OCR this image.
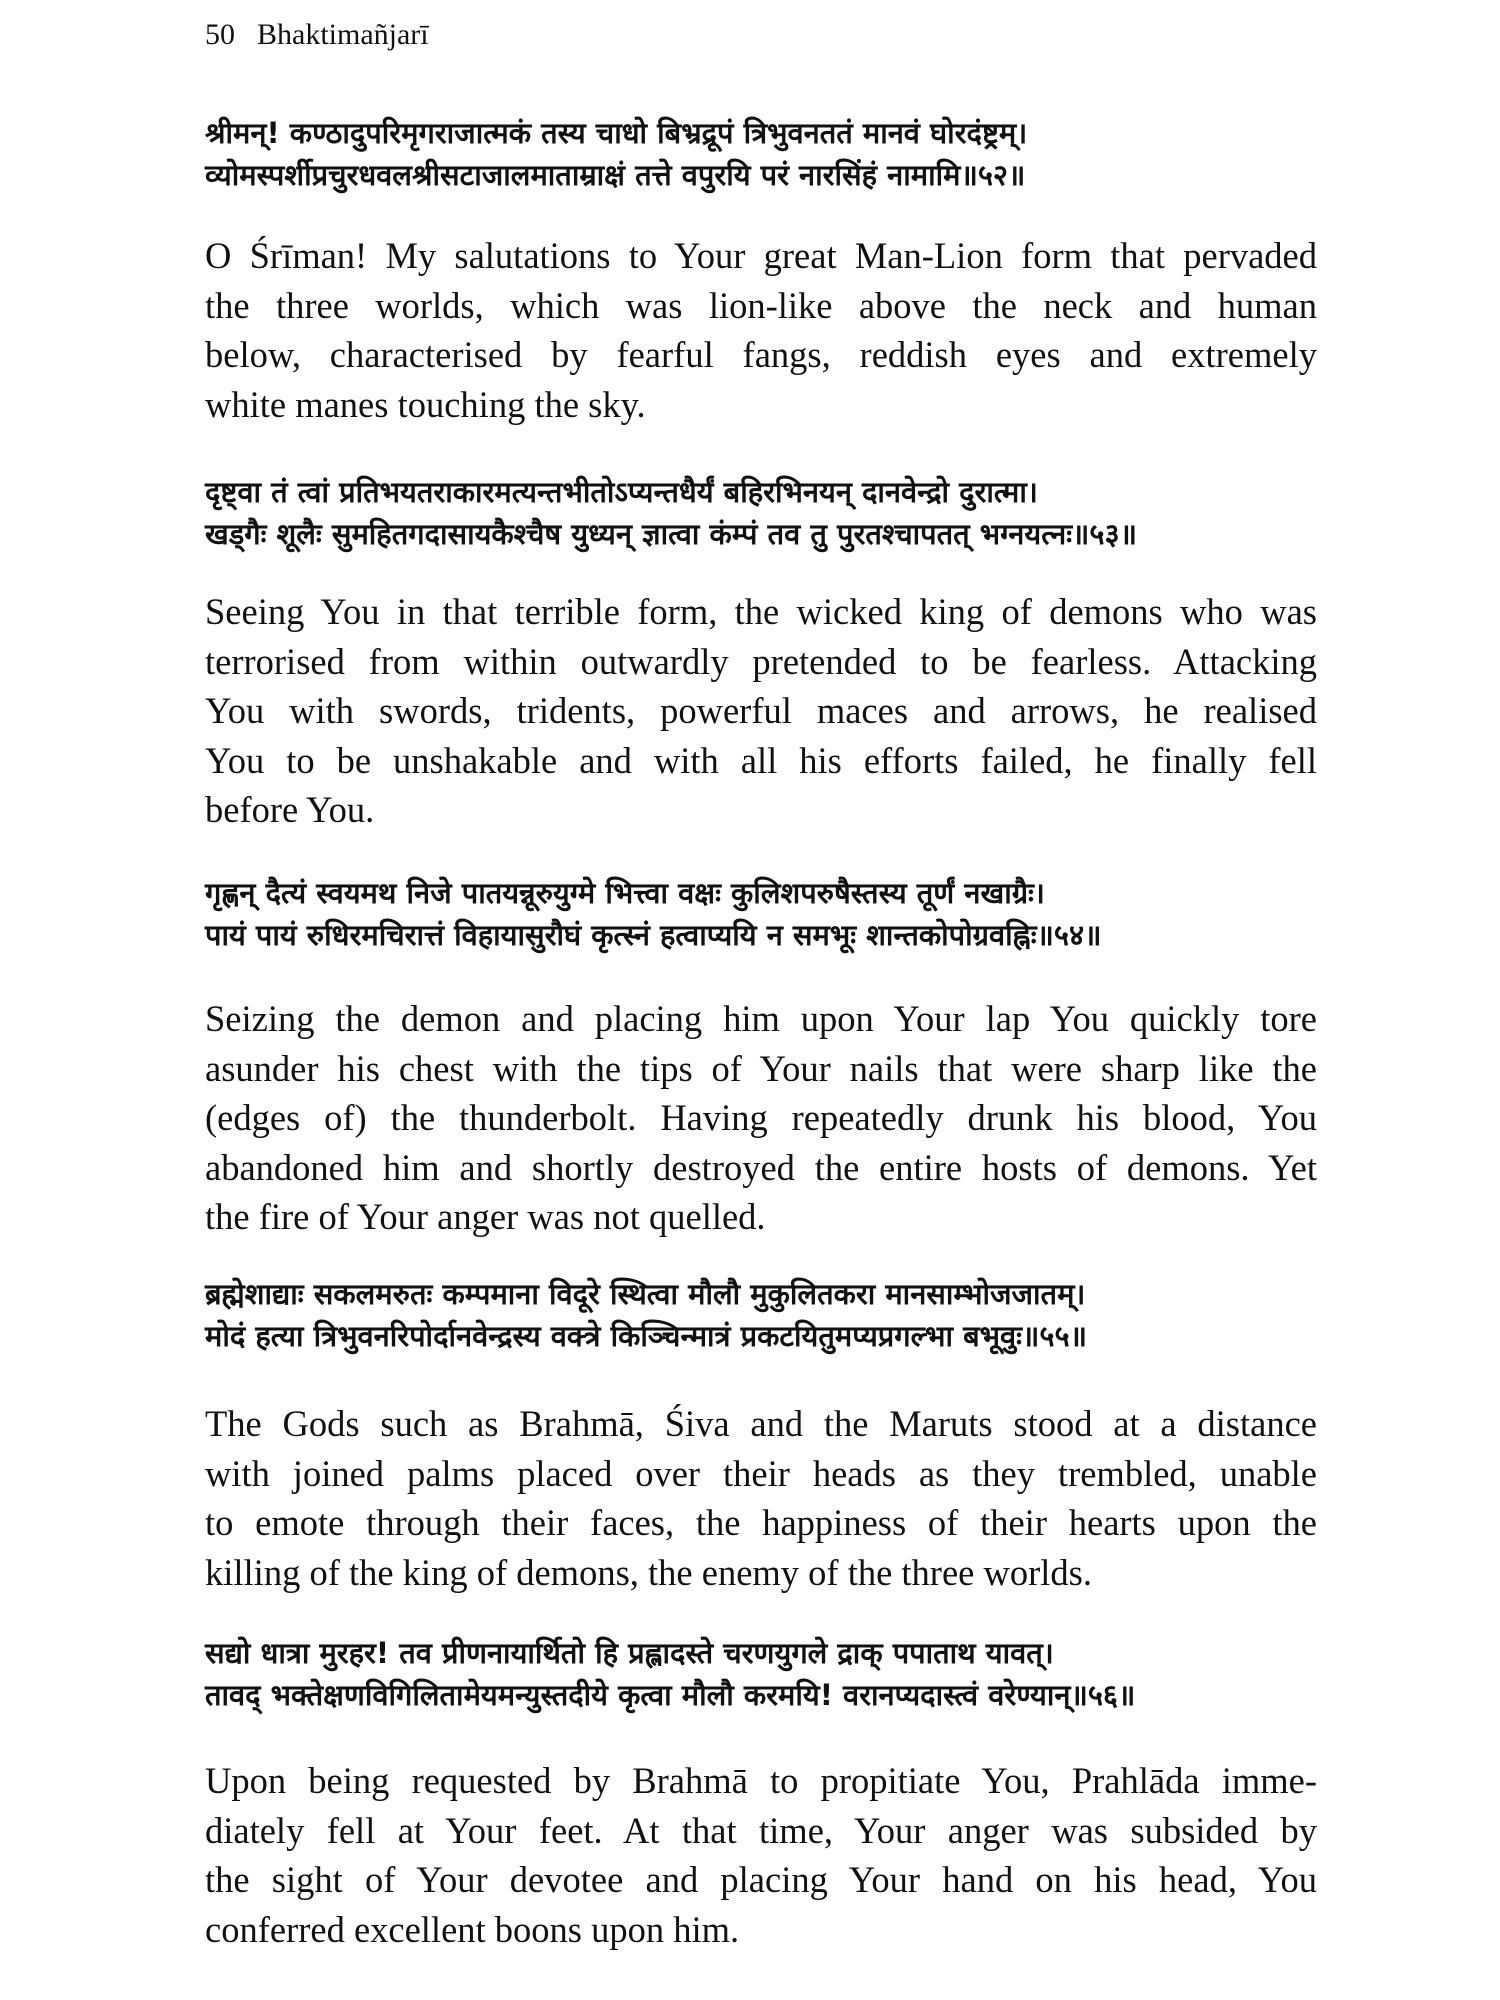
50 Bhaktimañjarī
श्रीमन्! कण्ठादुपरिमृगराजात्मकं तस्य चाधो बिभ्रद्रूपं त्रिभुवनततं मानवं घोरदंष्ट्रम्।
व्योमस्पर्शीप्रचुरधवलश्रीसटाजालमाताम्राक्षं तत्ते वपुरयि परं नारसिंहं नामामि॥५२॥
O Śrīman! My salutations to Your great Man-Lion form that pervaded
the three worlds, which was lion-like above the neck and human
below, characterised by fearful fangs, reddish eyes and extremely
white manes touching the sky.
दृष्ट्वा तं त्वां प्रतिभयतराकारमत्यन्तभीतोऽप्यन्तधैर्यं बहिरभिनयन् दानवेन्द्रो दुरात्मा।
खड्गैः शूलैः सुमहितगदासायकैश्चैष युध्यन् ज्ञात्वा कंम्पं तव तु पुरतश्चापतत् भग्नयत्नः॥५३॥
Seeing You in that terrible form, the wicked king of demons who was
terrorised from within outwardly pretended to be fearless. Attacking
You with swords, tridents, powerful maces and arrows, he realised
You to be unshakable and with all his efforts failed, he finally fell
before You.
गृह्णन् दैत्यं स्वयमथ निजे पातयन्नूरुयुग्मे भित्त्वा वक्षः कुलिशपरुषैस्तस्य तूर्णं नखाग्रैः।
पायं पायं रुधिरमचिरात्तं विहायासुरौघं कृत्स्नं हत्वाप्ययि न समभूः शान्तकोपोग्रवह्निः॥५४॥
Seizing the demon and placing him upon Your lap You quickly tore
asunder his chest with the tips of Your nails that were sharp like the
(edges of) the thunderbolt. Having repeatedly drunk his blood, You
abandoned him and shortly destroyed the entire hosts of demons. Yet
the fire of Your anger was not quelled.
ब्रह्मेशाद्याः सकलमरुतः कम्पमाना विदूरे स्थित्वा मौलौ मुकुलितकरा मानसाम्भोजजातम्।
मोदं हत्या त्रिभुवनरिपोर्दानवेन्द्रस्य वक्त्रे किञ्चिन्मात्रं प्रकटयितुमप्यप्रगल्भा बभूवुः॥५५॥
The Gods such as Brahmā, Śiva and the Maruts stood at a distance
with joined palms placed over their heads as they trembled, unable
to emote through their faces, the happiness of their hearts upon the
killing of the king of demons, the enemy of the three worlds.
सद्यो धात्रा मुरहर! तव प्रीणनायार्थितो हि प्रह्लादस्ते चरणयुगले द्राक् पपाताथ यावत्।
तावद् भक्तेक्षणविगिलितामेयमन्युस्तदीये कृत्वा मौलौ करमयि! वरानप्यदास्त्वं वरेण्यान्॥५६॥
Upon being requested by Brahmā to propitiate You, Prahlāda imme-
diately fell at Your feet. At that time, Your anger was subsided by
the sight of Your devotee and placing Your hand on his head, You
conferred excellent boons upon him.
